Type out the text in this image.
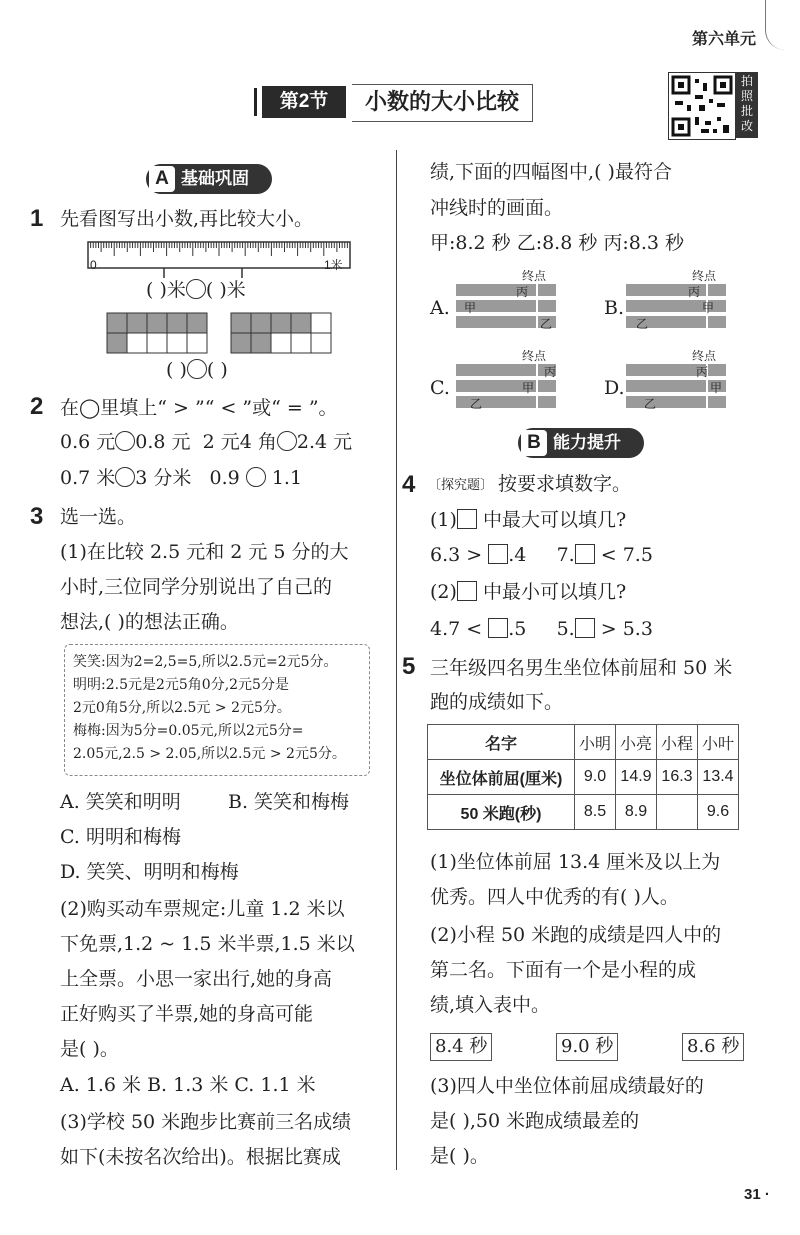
第六单元
第2节	小数的大小比较
拍照批改
A 基础巩固
1 先看图写出小数,再比较大小。
0	1米
( )米 ( )米
( ) ( )
2 在◯里填上“ > ”“ < ”或“ = ”。
0.6 元 0.8 元 2 元4 角 2.4 元
0.7 米 3 分米 0.9 1.1
3 选一选。
(1)在比较 2.5 元和 2 元 5 分的大
小时,三位同学分别说出了自己的
想法,( )的想法正确。
笑笑:因为2=2,5=5,所以2.5元=2元5分。
明明:2.5元是2元5角0分,2元5分是
2元0角5分,所以2.5元 > 2元5分。
梅梅:因为5分=0.05元,所以2元5分=
2.05元,2.5 > 2.05,所以2.5元 > 2元5分。
A. 笑笑和明明 B. 笑笑和梅梅
C. 明明和梅梅
D. 笑笑、明明和梅梅
(2)购买动车票规定:儿童 1.2 米以
下免票,1.2 ~ 1.5 米半票,1.5 米以
上全票。小思一家出行,她的身高
正好购买了半票,她的身高可能
是( )。
A. 1.6 米 B. 1.3 米 C. 1.1 米
(3)学校 50 米跑步比赛前三名成绩
如下(未按名次给出)。根据比赛成
绩,下面的四幅图中,( )最符合
冲线时的画面。
甲:8.2 秒 乙:8.8 秒 丙:8.3 秒
A.	B.
C.	D.
终点
丙
甲
乙
终点
丙
甲
乙
终点
丙
甲
乙
终点
丙
甲
乙
B 能力提升
4 〔探究题〕 按要求填数字。
(1) 中最大可以填几?
6.3 > .4 7. < 7.5
(2) 中最小可以填几?
4.7 < .5 5. > 5.3
5 三年级四名男生坐位体前屈和 50 米
跑的成绩如下。
名字	小明	小亮	小程	小叶
坐位体前屈(厘米)	9.0	14.9	16.3	13.4
50 米跑(秒)	8.5	8.9		9.6
(1)坐位体前屈 13.4 厘米及以上为
优秀。四人中优秀的有( )人。
(2)小程 50 米跑的成绩是四人中的
第二名。下面有一个是小程的成
绩,填入表中。
8.4 秒	9.0 秒	8.6 秒
(3)四人中坐位体前屈成绩最好的
是( ),50 米跑成绩最差的
是( )。
31 ·
